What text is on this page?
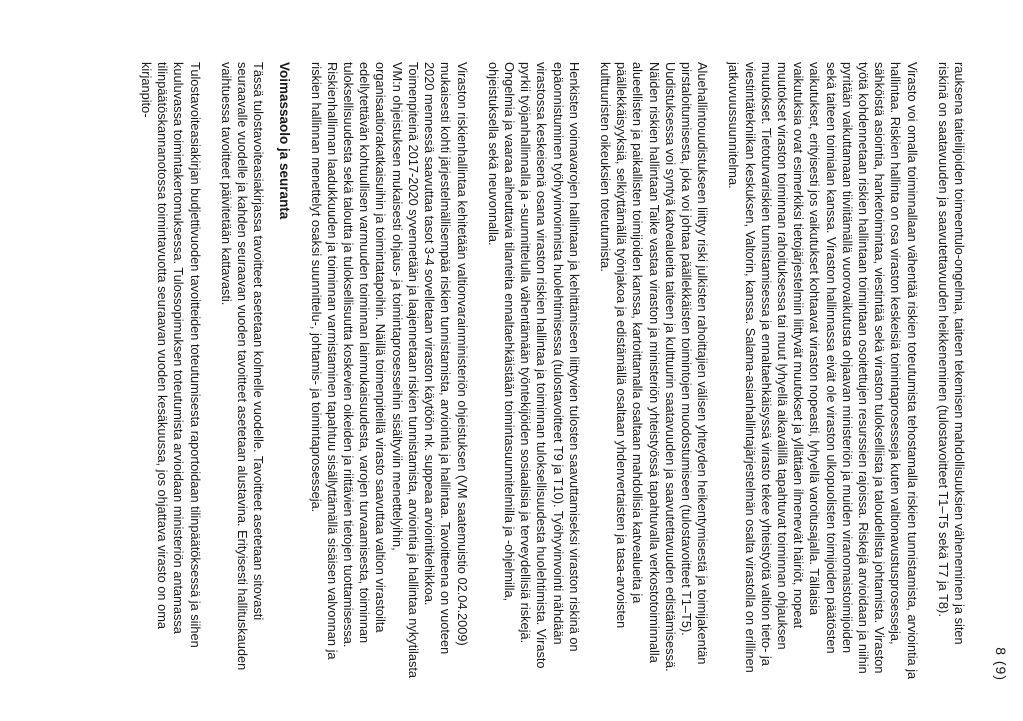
8 (9)

rauksena taiteilijoiden toimeentulo-ongelmia, taiteen tekemisen mahdollisuuksien väheneminen ja siten riskinä on saatavuuden ja saavutettavuuden heikkeneminen (tulostavoitteet T1–T5 sekä T7 ja T8).

Virasto voi omalla toiminnallaan vähentää riskien toteutumista tehostamalla riskien tunnistamista, arviointia ja hallintaa. Riskien hallinta on osa viraston keskeisiä toimintaprosesseja kuten valtionavustusprosesseja, sähköistä asiointia, hanketoimintaa, viestintää sekä viraston tulokselliista ja taloudellista johtamista. Viraston työtä kohdennetaan riskien hallintaan toimintaan osoitettujen resurssien rajoissa. Riskejä arvioidaan ja niihin pyritään vaikuttamaan tiiviitämällä vuorovaikutusta ohjaavan ministeriön ja muiden viranomaistoimijoiden sekä taiteen toimialan kanssa. Viraston hallinnassa eivät ole viraston ulkopuolisten toimijoiden päätösten vaikutukset, erityisesti jos vaikutukset kohtaavat viraston nopeasti, lyhyellä varoitusajalla. Tällaisia vaikutuksia ovat esimerkiksi tietojärjestelmiin liittyvät muutokset ja yllättäen ilmenevät häiriöt, nopeat muutokset viraston toiminnan rahoituksessa tai muut lyhyellä aikavälillä tapahtuvat toiminnan ohjauksen muutokset. Tietoturvariskien tunnistamisessa ja ennaltaehkäisyssä virasto tekee yhteistyötä valtion tieto- ja viestintätekniikan keskuksen, Valtorin, kanssa. Salama-asianhallintajärjestelmän osalta virastolla on erillinen jatkuvuussuunnitelma.

Aluehallintouudistukseen liittyy riski julkisten rahoittajien välisen yhteyden heikentymisestä ja toimijakentän pirstaloitumisesta, joka voi johtaa päällekkäisten toimintojen muodostumiseen (tulostavoitteet T1–T5). Uudistuksessa voi syntyä katvealueita taiteen ja kulttuurin saatavuuden ja saavutettavuuden edistämisessä. Näiden riskien hallintaan Taike vastaa viraston ja ministeriön yhteistyössä tapahtuvalla verkostotoiminnalla alueellisten ja paikallisten toimijoiden kanssa, kartoittamalla osaltaan mahdollisia katvealueita ja päällekkäisyyksiä, selkiyttämällä työnjakoa ja edistämällä osaltaan yhdenvertaisten ja tasa-arvoisten kulttuuristen oikeuksien toteutumista.

Henkisten voimavarojen hallintaan ja kehittämiseen liittyvien tulosten saavuttamiseksi viraston riskinä on epäonnistuminen työhyvinvoinnista huolehtimisessa (tulostavoitteet T9 ja T10). Työhyvinvointi nähdään virastossa keskeisenä osana viraston riskien hallintaa ja toiminnan tuloksellisuudesta huolehtimista. Virasto pyrkii työjanhallinnalla ja -suunnittelulla vähentämään työntekijöiden sosiaalisia ja terveydellisiä riskejä. Ongelmia ja vaaraa aiheuttavia tilanteita ennaltaehkäistään toimintasuunnitelmilla ja -ohjelmilla, ohjeistuksella sekä neuvonnalla.

Viraston riskienhallintaa kehitetään valtionvarainministeriön ohjeistuksen (VM saatemuistio 02.04.2009) mukaisesti kohti järjestelmällisempää riskien tunnistamista, arviointia ja hallintaa. Tavoitteena on vuoteen 2020 mennessä saavuttaa tasot 3-4 sovelletaan viraston käytöön nk. suppeaa arviointikehikkoa. Toimenpiteinä 2017-2020 syvennetään ja laajennetaan riskien tunnistamista, arviointia ja hallintaa nykytilasta VM:n ohjeistuksen mukaisesti ohjaus- ja toimintaprosesseihin sisältyviin menettelyihin, organisaatiorakatkaisuihin ja toimintatapoihin. Näillä toimenpiteillä virasto saavuttaa valtion virastoilta edellytettävän kohtuullisen varmuuden toiminnan lainmukaisuudesta, varojen turvaamisesta, toiminnan tuloksellisuudesta sekä taloutta ja tuloksellisuutta koskevien oikeiden ja riittävien tietojen tuottamisessa. Riskienhallinnan laadukkuuden ja toiminnan varmistaminen tapahtuu sisällyttämällä sisäisen valvonnan ja riskien hallinnan menettelyt osaksi suunnittelu-, johtamis- ja toimintaprosesseja.

Voimassaolo ja seuranta

Tässä tulostavoiteasiakirjassa tavoitteet asetetaan kolmelle vuodelle. Tavoitteet asetetaan sitovasti seuraavalle vuodelle ja kahden seuraavan vuoden tavoitteet asetetaan alustavina. Erityisesti hallituskauden vaihtuessa tavoitteet päivitetään kattavasti.

Tulostavoiteasiakirjan budjettivuoden tavoitteiden toteutumisesta raportoidaan tilinpäätöksessä ja siihen kuuluvassa toimintakertomuksessa. Tulossopimuksen toteutumista arvioidaan ministeriön antamassa tilinpäätöskannanotossa toimintavuotta seuraavan vuoden kesäkuussa, jos ohjattava virasto on oma kirjanpito-
